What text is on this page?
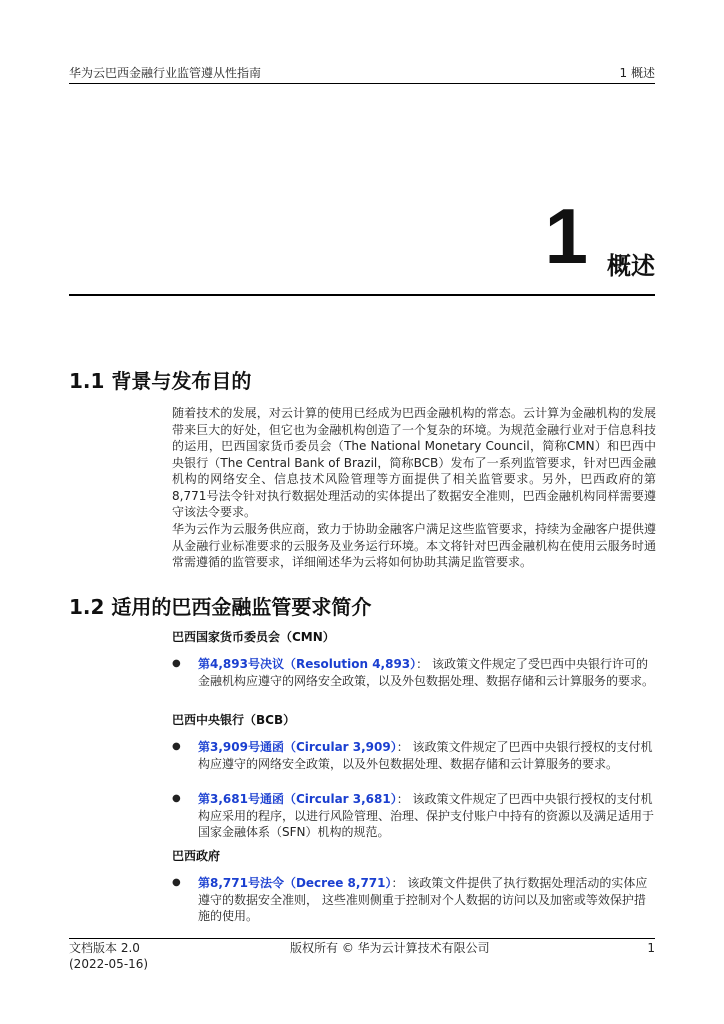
华为云巴西金融行业监管遵从性指南	1 概述
1 概述
1.1 背景与发布目的
随着技术的发展，对云计算的使用已经成为巴西金融机构的常态。云计算为金融机构的发展带来巨大的好处，但它也为金融机构创造了一个复杂的环境。为规范金融行业对于信息科技的运用，巴西国家货币委员会（The National Monetary Council，简称CMN）和巴西中央银行（The Central Bank of Brazil，简称BCB）发布了一系列监管要求，针对巴西金融机构的网络安全、信息技术风险管理等方面提供了相关监管要求。另外，巴西政府的第8,771号法令针对执行数据处理活动的实体提出了数据安全准则，巴西金融机构同样需要遵守该法令要求。
华为云作为云服务供应商，致力于协助金融客户满足这些监管要求，持续为金融客户提供遵从金融行业标准要求的云服务及业务运行环境。本文将针对巴西金融机构在使用云服务时通常需遵循的监管要求，详细阐述华为云将如何协助其满足监管要求。
1.2 适用的巴西金融监管要求简介
巴西国家货币委员会（CMN）
●	第4,893号决议（Resolution 4,893）： 该政策文件规定了受巴西中央银行许可的金融机构应遵守的网络安全政策，以及外包数据处理、数据存储和云计算服务的要求。
巴西中央银行（BCB）
●	第3,909号通函（Circular 3,909）： 该政策文件规定了巴西中央银行授权的支付机构应遵守的网络安全政策，以及外包数据处理、数据存储和云计算服务的要求。
●	第3,681号通函（Circular 3,681）： 该政策文件规定了巴西中央银行授权的支付机构应采用的程序，以进行风险管理、治理、保护支付账户中持有的资源以及满足适用于国家金融体系（SFN）机构的规范。
巴西政府
●	第8,771号法令（Decree 8,771）： 该政策文件提供了执行数据处理活动的实体应遵守的数据安全准则， 这些准则侧重于控制对个人数据的访问以及加密或等效保护措施的使用。
文档版本 2.0
(2022-05-16)
版权所有 © 华为云计算技术有限公司	1
